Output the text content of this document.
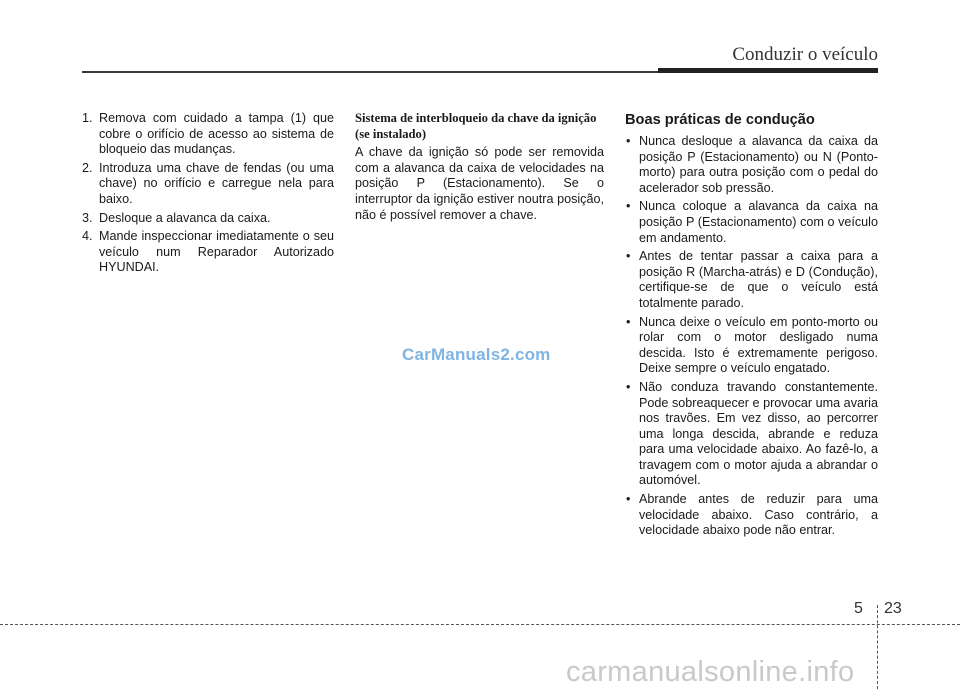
Conduzir o veículo
1. Remova com cuidado a tampa (1) que cobre o orifício de acesso ao sistema de bloqueio das mudanças.
2. Introduza uma chave de fendas (ou uma chave) no orifício e carregue nela para baixo.
3. Desloque a alavanca da caixa.
4. Mande inspeccionar imediatamente o seu veículo num Reparador Autorizado HYUNDAI.

Sistema de interbloqueio da chave da ignição (se instalado)

A chave da ignição só pode ser removida com a alavanca da caixa de velocidades na posição P (Estacionamento). Se o interruptor da ignição estiver noutra posição, não é possível remover a chave.

Boas práticas de condução

• Nunca desloque a alavanca da caixa da posição P (Estacionamento) ou N (Ponto-morto) para outra posição com o pedal do acelerador sob pressão.
• Nunca coloque a alavanca da caixa na posição P (Estacionamento) com o veículo em andamento.
• Antes de tentar passar a caixa para a posição R (Marcha-atrás) e D (Condução), certifique-se de que o veículo está totalmente parado.
• Nunca deixe o veículo em ponto-morto ou rolar com o motor desligado numa descida. Isto é extremamente perigoso. Deixe sempre o veículo engatado.
• Não conduza travando constantemente. Pode sobreaquecer e provocar uma avaria nos travões. Em vez disso, ao percorrer uma longa descida, abrande e reduza para uma velocidade abaixo. Ao fazê-lo, a travagem com o motor ajuda a abrandar o automóvel.
• Abrande antes de reduzir para uma velocidade abaixo. Caso contrário, a velocidade abaixo pode não entrar.
CarManuals2.com
5 23
carmanualsonline.info
